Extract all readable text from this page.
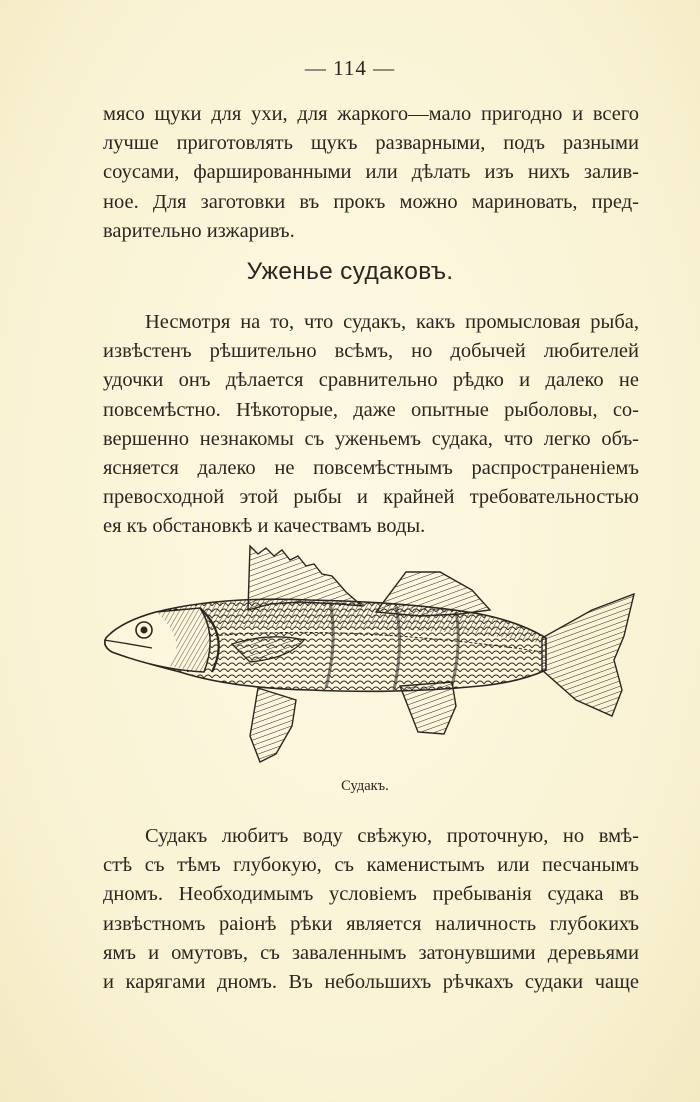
— 114 —
мясо щуки для ухи, для жаркого—мало пригодно и всего
лучше приготовлять щукъ разварными, подъ разными
соусами, фаршированными или дѣлать изъ нихъ залив-
ное. Для заготовки въ прокъ можно мариновать, пред-
варительно изжаривъ.
Уженье судаковъ.
Несмотря на то, что судакъ, какъ промысловая рыба,
извѣстенъ рѣшительно всѣмъ, но добычей любителей
удочки онъ дѣлается сравнительно рѣдко и далеко не
повсемѣстно. Нѣкоторые, даже опытные рыболовы, со-
вершенно незнакомы съ уженьемъ судака, что легко объ-
ясняется далеко не повсемѣстнымъ распространеніемъ
превосходной этой рыбы и крайней требовательностью
ея къ обстановкѣ и качествамъ воды.
Судакъ.
Судакъ любитъ воду свѣжую, проточную, но вмѣ-
стѣ съ тѣмъ глубокую, съ каменистымъ или песчанымъ
дномъ. Необходимымъ условіемъ пребыванія судака въ
извѣстномъ раіонѣ рѣки является наличность глубокихъ
ямъ и омутовъ, съ заваленнымъ затонувшими деревьями
и карягами дномъ. Въ небольшихъ рѣчкахъ судаки чаще
